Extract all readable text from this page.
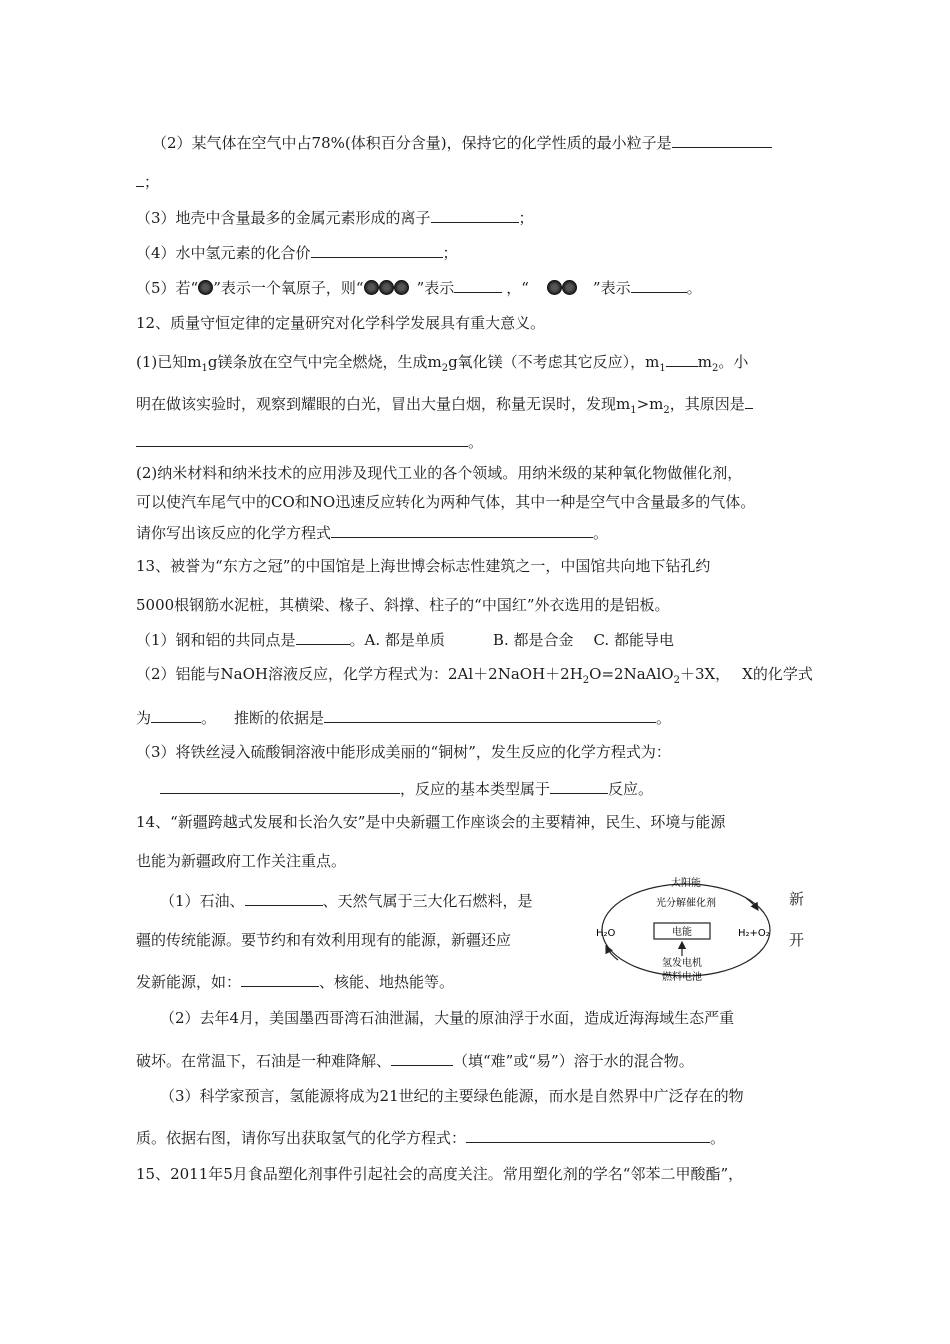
（2）某气体在空气中占78%(体积百分含量)，保持它的化学性质的最小粒子是
；
（3）地壳中含量最多的金属元素形成的离子	；
（4）水中氢元素的化合价	；
（5）若“ ”表示一个氧原子，则“	”表示	，“	”表示	。
12、质量守恒定律的定量研究对化学科学发展具有重大意义。
(1)已知$m_1g$镁条放在空气中完全燃烧，生成$m_2g$氧化镁（不考虑其它反应），$m_1$ $m_2$。小
明在做该实验时，观察到耀眼的白光，冒出大量白烟，称量无误时，发现$m_1>m_2$，其原因是
。
(2)纳米材料和纳米技术的应用涉及现代工业的各个领域。用纳米级的某种氧化物做催化剂，
可以使汽车尾气中的CO和NO迅速反应转化为两种气体，其中一种是空气中含量最多的气体。
请你写出该反应的化学方程式	。
13、被誉为“东方之冠”的中国馆是上海世博会标志性建筑之一，中国馆共向地下钻孔约
5000根钢筋水泥桩，其横梁、椽子、斜撑、柱子的“中国红”外衣选用的是铝板。
（1）钢和铝的共同点是	。A. 都是单质	B. 都是合金 C. 都能导电
（2）铝能与NaOH溶液反应，化学方程式为：$2Al+2NaOH+2H_2O=2NaAlO_2+3X$， X的化学式
为	。 推断的依据是	。
（3）将铁丝浸入硫酸铜溶液中能形成美丽的“铜树”，发生反应的化学方程式为：
，反应的基本类型属于	反应。
14、“新疆跨越式发展和长治久安”是中央新疆工作座谈会的主要精神，民生、环境与能源
也能为新疆政府工作关注重点。
（1）石油、	、天然气属于三大化石燃料，是	新
疆的传统能源。要节约和有效利用现有的能源，新疆还应	开
发新能源，如：	、核能、地热能等。
太阳能
光分解催化剂
电能
H₂O	H₂+O₂
氢发电机
燃料电池
（2）去年4月，美国墨西哥湾石油泄漏，大量的原油浮于水面，造成近海海域生态严重
破坏。在常温下，石油是一种难降解、	（填“难”或“易”）溶于水的混合物。
（3）科学家预言，氢能源将成为21世纪的主要绿色能源，而水是自然界中广泛存在的物
质。依据右图，请你写出获取氢气的化学方程式：	。
15、2011年5月食品塑化剂事件引起社会的高度关注。常用塑化剂的学名“邻苯二甲酸酯”，
